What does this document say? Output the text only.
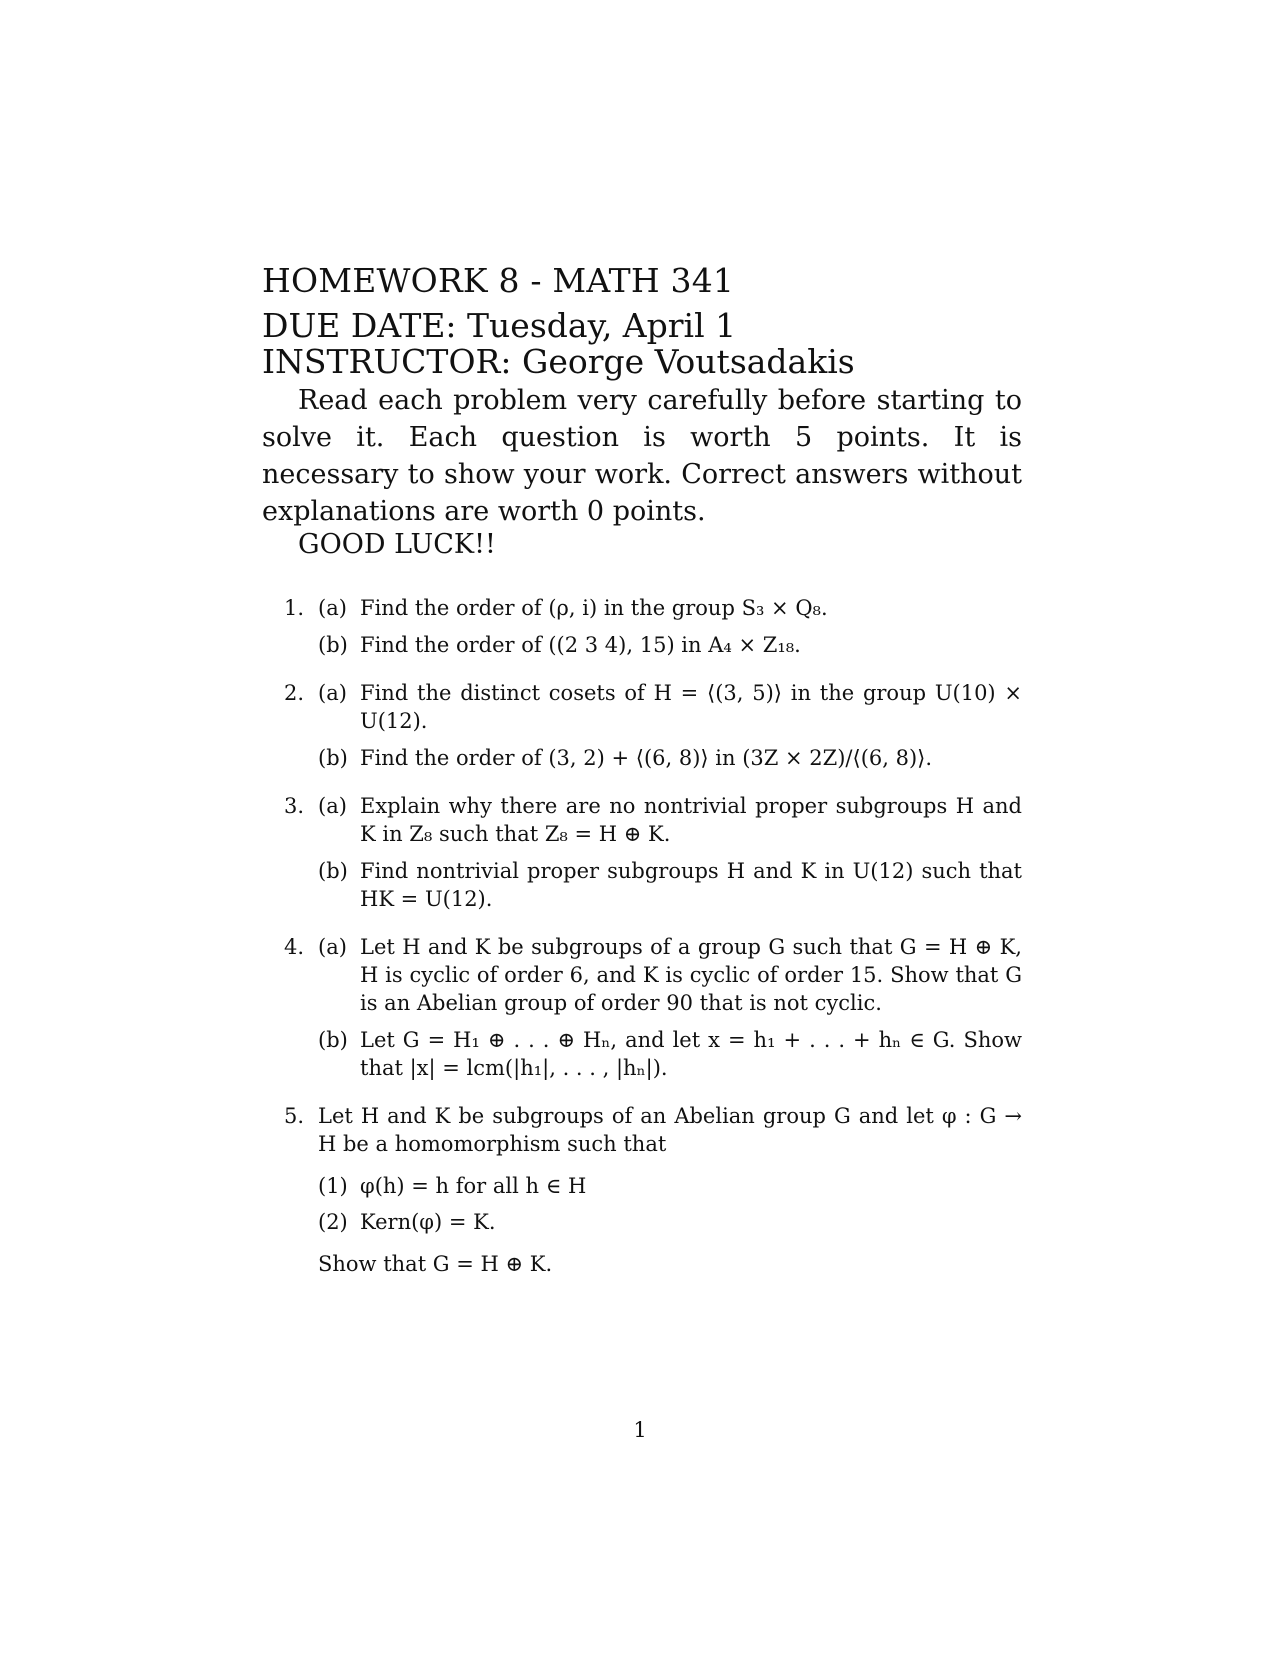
HOMEWORK 8 - MATH 341
DUE DATE: Tuesday, April 1
INSTRUCTOR: George Voutsadakis

Read each problem very carefully before starting to solve it. Each question is worth 5 points. It is necessary to show your work. Correct answers without explanations are worth 0 points.

GOOD LUCK!!
1. (a) Find the order of (ρ, i) in the group S₃ × Q₈.
(b) Find the order of ((2 3 4), 15) in A₄ × Z₁₈.
2. (a) Find the distinct cosets of H = ⟨(3, 5)⟩ in the group U(10) × U(12).
(b) Find the order of (3, 2) + ⟨(6, 8)⟩ in (3Z × 2Z)/⟨(6, 8)⟩.
3. (a) Explain why there are no nontrivial proper subgroups H and K in Z₈ such that Z₈ = H ⊕ K.
(b) Find nontrivial proper subgroups H and K in U(12) such that HK = U(12).
4. (a) Let H and K be subgroups of a group G such that G = H ⊕ K, H is cyclic of order 6, and K is cyclic of order 15. Show that G is an Abelian group of order 90 that is not cyclic.
(b) Let G = H₁ ⊕ . . . ⊕ Hₙ, and let x = h₁ + . . . + hₙ ∈ G. Show that |x| = lcm(|h₁|, . . . , |hₙ|).
5. Let H and K be subgroups of an Abelian group G and let φ : G → H be a homomorphism such that
(1) φ(h) = h for all h ∈ H
(2) Kern(φ) = K.
Show that G = H ⊕ K.
1
